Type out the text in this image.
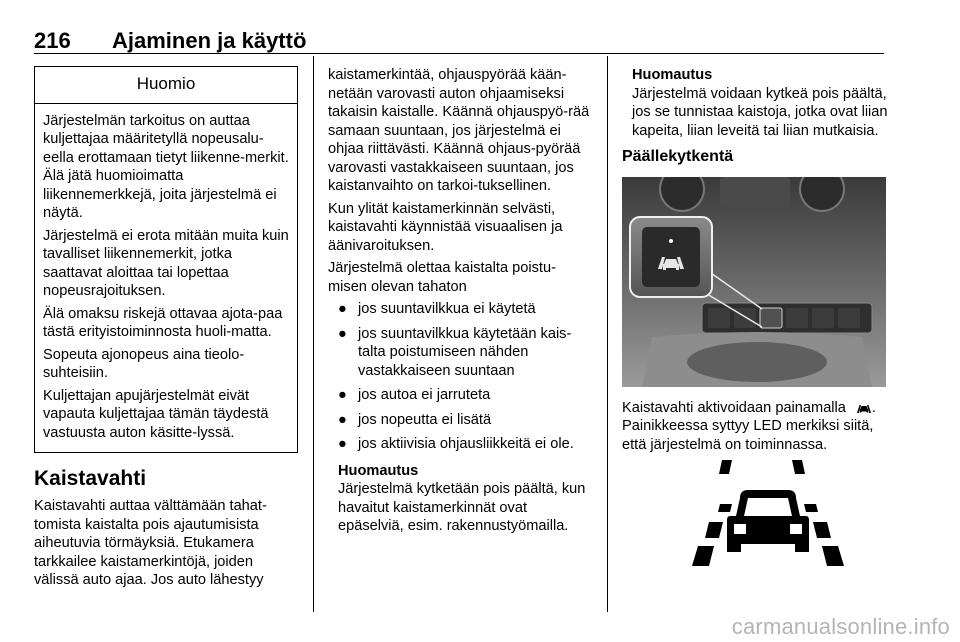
216 Ajaminen ja käyttö
Huomio

Järjestelmän tarkoitus on auttaa kuljettajaa määritetyllä nopeusalu-eella erottamaan tietyt liikenne-merkit. Älä jätä huomioimatta liikennemerkkejä, joita järjestelmä ei näytä.

Järjestelmä ei erota mitään muita kuin tavalliset liikennemerkit, jotka saattavat aloittaa tai lopettaa nopeusrajoituksen.

Älä omaksu riskejä ottavaa ajota-paa tästä erityistoiminnosta huoli-matta.

Sopeuta ajonopeus aina tieolo-suhteisiin.

Kuljettajan apujärjestelmät eivät vapauta kuljettajaa tämän täydestä vastuusta auton käsitte-lyssä.

Kaistavahti

Kaistavahti auttaa välttämään tahat-tomista kaistalta pois ajautumisista aiheutuvia törmäyksiä. Etukamera tarkkailee kaistamerkintöjä, joiden välissä auto ajaa. Jos auto lähestyy

kaistamerkintää, ohjauspyörää kään-netään varovasti auton ohjaamiseksi takaisin kaistalle. Käännä ohjauspyö-rää samaan suuntaan, jos järjestelmä ei ohjaa riittävästi. Käännä ohjaus-pyörää varovasti vastakkaiseen suuntaan, jos kaistanvaihto on tarkoi-tuksellinen.

Kun ylität kaistamerkinnän selvästi, kaistavahti käynnistää visuaalisen ja äänivaroituksen.

Järjestelmä olettaa kaistalta poistu-misen olevan tahaton

● jos suuntavilkkua ei käytetä
● jos suuntavilkkua käytetään kais-talta poistumiseen nähden vastakkaiseen suuntaan
● jos autoa ei jarruteta
● jos nopeutta ei lisätä
● jos aktiivisia ohjausliikkeitä ei ole.
Huomautus
Järjestelmä kytketään pois päältä, kun havaitut kaistamerkinnät ovat epäselviä, esim. rakennustyömailla.
Huomautus
Järjestelmä voidaan kytkeä pois päältä, jos se tunnistaa kaistoja, jotka ovat liian kapeita, liian leveitä tai liian mutkaisia.
Päällekytkentä

Kaistavahti aktivoidaan painamalla . Painikkeessa syttyy LED merkiksi siitä, että järjestelmä on toiminnassa.

carmanualsonline.info
